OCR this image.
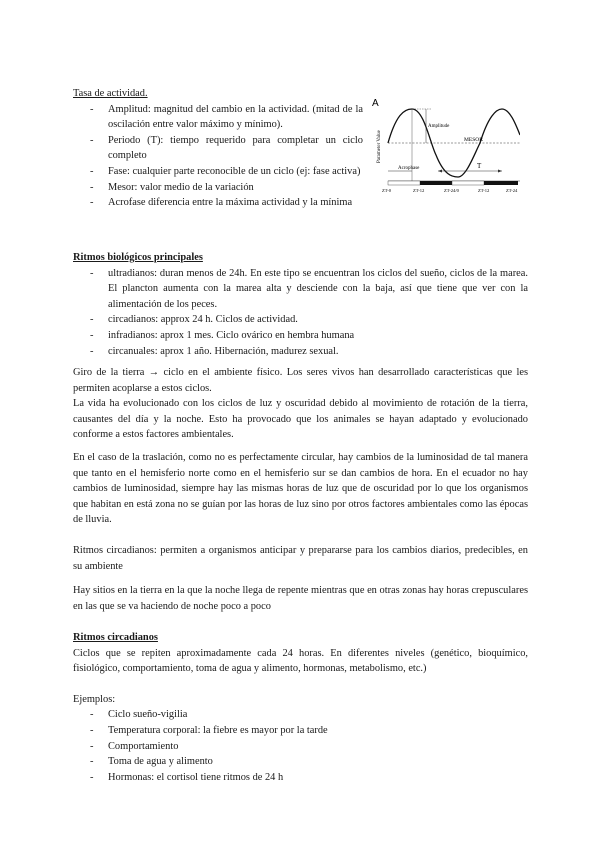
Tasa de actividad.

- Amplitud: magnitud del cambio en la actividad. (mitad de la oscilación entre valor máximo y mínimo).
- Periodo (T): tiempo requerido para completar un ciclo completo
- Fase: cualquier parte reconocible de un ciclo (ej: fase activa)
- Mesor: valor medio de la variación
- Acrofase diferencia entre la máxima actividad y la mínima
A
Parameter Value
Amplitude
MESOR
Acrophase	T
ZT-0	ZT-12	ZT-24/0	ZT-12	ZT-24

Ritmos biológicos principales

- ultradianos: duran menos de 24h. En este tipo se encuentran los ciclos del sueño, ciclos de la marea. El plancton aumenta con la marea alta y desciende con la baja, así que tiene que ver con la alimentación de los peces.
- circadianos: approx 24 h. Ciclos de actividad.
- infradianos: aprox 1 mes. Ciclo ovárico en hembra humana
- circanuales: aprox 1 año. Hibernación, madurez sexual.

Giro de la tierra → ciclo en el ambiente físico. Los seres vivos han desarrollado características que les permiten acoplarse a estos ciclos.

La vida ha evolucionado con los ciclos de luz y oscuridad debido al movimiento de rotación de la tierra, causantes del día y la noche. Esto ha provocado que los animales se hayan adaptado y evolucionado conforme a estos factores ambientales.

En el caso de la traslación, como no es perfectamente circular, hay cambios de la luminosidad de tal manera que tanto en el hemisferio norte como en el hemisferio sur se dan cambios de hora. En el ecuador no hay cambios de luminosidad, siempre hay las mismas horas de luz que de oscuridad por lo que los organismos que habitan en está zona no se guían por las horas de luz sino por otros factores ambientales como las épocas de lluvia.

Ritmos circadianos: permiten a organismos anticipar y prepararse para los cambios diarios, predecibles, en su ambiente

Hay sitios en la tierra en la que la noche llega de repente mientras que en otras zonas hay horas crepusculares en las que se va haciendo de noche poco a poco

Ritmos circadianos

Ciclos que se repiten aproximadamente cada 24 horas. En diferentes niveles (genético, bioquímico, fisiológico, comportamiento, toma de agua y alimento, hormonas, metabolismo, etc.)

Ejemplos:

- Ciclo sueño-vigilia
- Temperatura corporal: la fiebre es mayor por la tarde
- Comportamiento
- Toma de agua y alimento
- Hormonas: el cortisol tiene ritmos de 24 h
